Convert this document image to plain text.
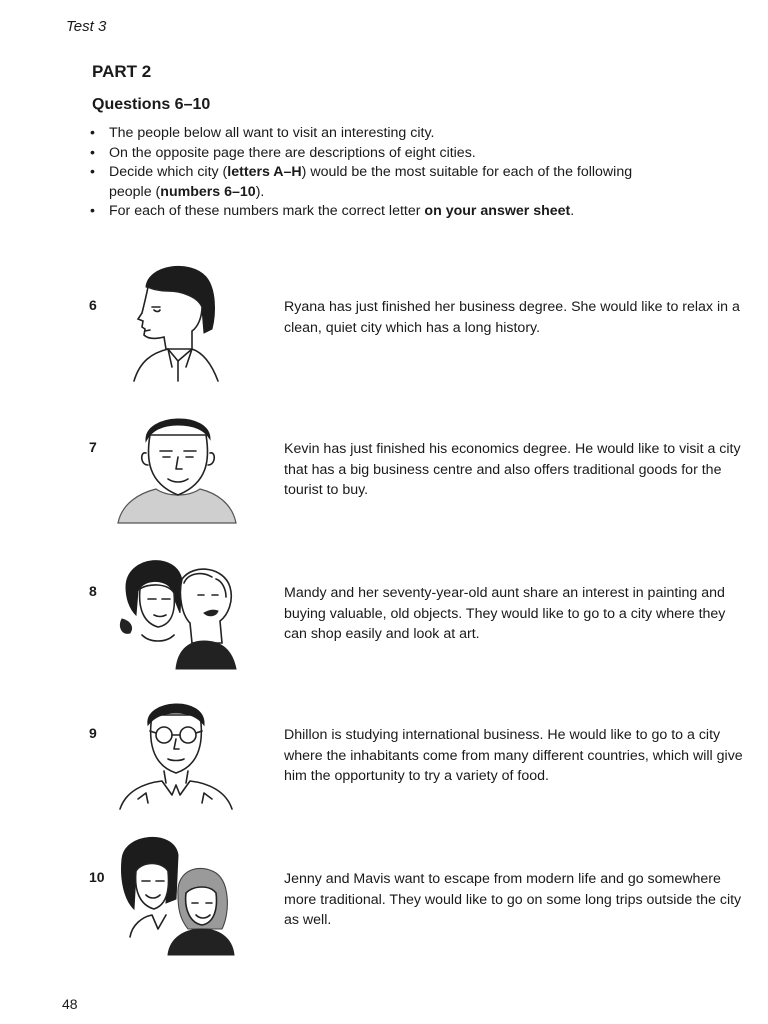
Test 3
PART 2
Questions 6–10
• The people below all want to visit an interesting city.
• On the opposite page there are descriptions of eight cities.
• Decide which city (letters A–H) would be the most suitable for each of the following people (numbers 6–10).
• For each of these numbers mark the correct letter on your answer sheet.
6	Ryana has just finished her business degree. She would like to relax in a clean, quiet city which has a long history.
7	Kevin has just finished his economics degree. He would like to visit a city that has a big business centre and also offers traditional goods for the tourist to buy.
8	Mandy and her seventy-year-old aunt share an interest in painting and buying valuable, old objects. They would like to go to a city where they can shop easily and look at art.
9	Dhillon is studying international business. He would like to go to a city where the inhabitants come from many different countries, which will give him the opportunity to try a variety of food.
10	Jenny and Mavis want to escape from modern life and go somewhere more traditional. They would like to go on some long trips outside the city as well.
48
